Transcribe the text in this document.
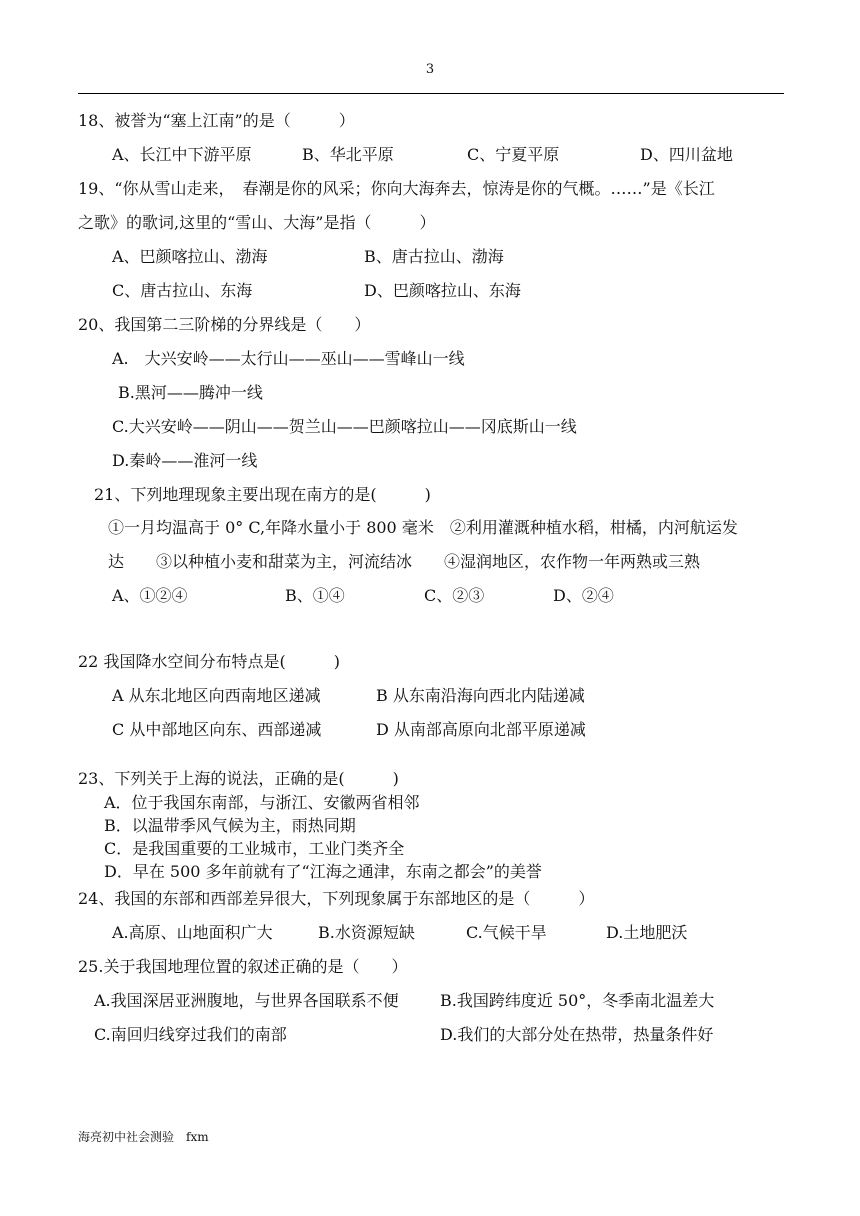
3
18、被誉为“塞上江南”的是（　　　）
A、长江中下游平原	B、华北平原	C、宁夏平原	D、四川盆地
19、“你从雪山走来，　春潮是你的风采；你向大海奔去，惊涛是你的气概。……”是《长江
之歌》的歌词,这里的“雪山、大海”是指（　　　）
A、巴颜喀拉山、渤海	B、唐古拉山、渤海
C、唐古拉山、东海	D、巴颜喀拉山、东海
20、我国第二三阶梯的分界线是（　　）
A.　大兴安岭——太行山——巫山——雪峰山一线
B.黑河——腾冲一线
C.大兴安岭——阴山——贺兰山——巴颜喀拉山——冈底斯山一线
D.秦岭——淮河一线
21、下列地理现象主要出现在南方的是(　　　)
①一月均温高于 0° C,年降水量小于 800 毫米　②利用灌溉种植水稻，柑橘，内河航运发
达　　③以种植小麦和甜菜为主，河流结冰　　④湿润地区，农作物一年两熟或三熟
A、①②④	B、①④	C、②③	D、②④
22 我国降水空间分布特点是(　　　)
A 从东北地区向西南地区递减	B 从东南沿海向西北内陆递减
C 从中部地区向东、西部递减	D 从南部高原向北部平原递减
23、下列关于上海的说法，正确的是(　　　)
A．位于我国东南部，与浙江、安徽两省相邻
B．以温带季风气候为主，雨热同期
C．是我国重要的工业城市，工业门类齐全
D．早在 500 多年前就有了“江海之通津，东南之都会”的美誉
24、我国的东部和西部差异很大，下列现象属于东部地区的是（　　　）
A.高原、山地面积广大	B.水资源短缺	C.气候干旱	D.土地肥沃
25.关于我国地理位置的叙述正确的是（　　）
A.我国深居亚洲腹地，与世界各国联系不便	B.我国跨纬度近 50°，冬季南北温差大
C.南回归线穿过我们的南部	D.我们的大部分处在热带，热量条件好
海亮初中社会测验　fxm
